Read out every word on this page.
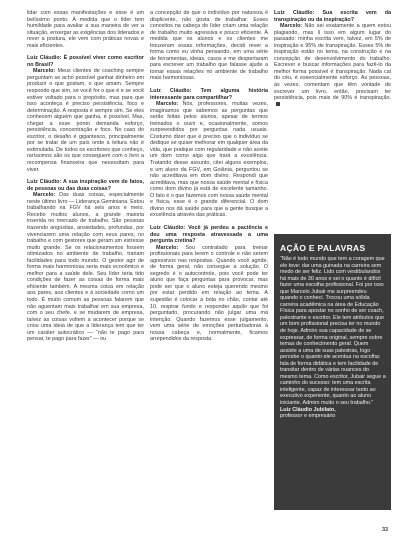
lidar com essas manifestações e esse é um belíssimo ponto. À medida que o líder tem humildade para avaliar a sua maneira de ver a situação, enxergar as exigências dos liderados e rever a postura, ele vem com práticas novas e mais eficientes.

Luiz Cláudio: É possível viver como escritor no Brasil?

Marcelo: Meus clientes de coaching sempre perguntam se acho possível ganhar dinheiro em produzir o que gostam, o que amam. Sempre respondo que sim, se você for o que é e se você estiver voltado para o propósito, mas para que isso aconteça é preciso persistência, foco e determinação. A resposta é sempre sim. Se eles conhecem alguém que ganha, é possível. Mas, chegar a esse ponto demanda esforço, persistência, concentração e foco. No caso do escritor, o desafio é gigantesco, principalmente por se tratar de um país onde a leitura não é estimulada. De todos os escritores que conheço, raríssimos são os que conseguem com o livro a recompensa financeira que necessitam para viver.

Luiz Cláudio: A sua inspiração vem de fatos, de pessoas ou das duas coisas?

Marcelo: Das duas coisas, especialmente neste último livro — Liderança Geminiana. Estou trabalhando na FGV há seis anos e meio. Recebo muitos alunos, a grande maioria inserida no mercado de trabalho. São pessoas trazendo angústias, ansiedades, profundas, por vivenciarem uma relação com seus pares, no trabalho e com gestores que geram um estresse muito grande. Se os relacionamentos fossem otimizados no ambiente de trabalho, trariam facilidades para todo mundo. O gestor agir de forma mais harmoniosa seria mais econômico e melhor para a saúde dele. Seu líder teria tido condições de fazer as coisas de forma mais eficiente também. A mesma coisa em relação aos pares, aos clientes e à sociedade como um todo. É muito comum as pessoas falarem que não aguentam mais trabalhar em sua empresa, com o seu chefe, e se mudarem de empresa, talvez as coisas voltem a acontecer porque se criou uma ideia de que a liderança tem que ter um caráter autocrático — “não te pago para pensar, te pago para fazer” — ou

a concepção de que o indivíduo por natureza é displicente, não gosta de trabalhar. Esses conceitos na cabeça do líder criam uma relação de trabalho muito agressiva e pouco eficiente. À medida que os alunos e os clientes me trouxeram essas informações, decidi rever a forma como eu vinha pensando, em uma série de ferramentas, ideias, casos e me despertaram para escrever um trabalho que falasse ajude a tornar essas relações no ambiente de trabalho mais harmoniosas.

Luiz Cláudio: Tem alguma história interessante para compartilhar?

Marcelo: Nós, professores, muitas vezes, imaginamos que sabemos as perguntas que serão feitas pelos alunos, apesar de termos treinados o ouvir e, ocasionalmente, somos surpreendidos por perguntas nada usuais. Costumo dizer que é preciso que o indivíduo se dedique se quiser melhorar em qualquer área da vida, que pratique com regularidade e não aceite um dom como algo que trará a excelência. Tratando desse assunto, citei alguns exemplos, e um aluno da FGV, em Goiânia, perguntou se não acreditava em dom divino. Respondi que acreditava, mas que nossa saúde mental e física como dom divino já está de excelente tamanho. O fato é o que fazemos com nossa saúde mental e física, esse é o grande diferencial. O dom divino nos dá saúde para que a gente busque a excelência através das práticas.

Luiz Cláudio: Você já perdeu a paciência e deu uma resposta atravessada a uma pergunta cretina?

Marcelo: Sou contratado para treinar profissionais para terem o controle e não serem agressivos nas respostas. Quando você agride, de forma geral, não consegue a solução. O segredo é o autocontrole, pois você pode ter aluno que faça perguntas para provocar, mas pode ser que o aluno esteja querendo mesmo por estar perdido em relação ao tema. A sugestão é colocar a bola no chão, contar até 10, respirar fundo e responder aquilo que foi perguntado, procurando não julgar uma má intenção. Quando fazemos esse julgamento, vem uma série de emoções perturbadoras à nossa cabeça e, normalmente, ficamos arrependidos da resposta.

Luiz Cláudio: Sua escrita vem da transpiração ou da inspiração?

Marcelo: Não sei exatamente a quem estou plagiando, mas li isso em algum lugar do passado: minha escrita vem, talvez, em 5% de inspiração e 95% de transpiração. Esses 5% de inspiração estão no tema, na construção e na concepção de desenvolvimento do trabalho. Escrever e buscar informações para fazê-lo da melhor forma possível é transpiração. Nada cai do céu, é essencialmente esforço. As pessoas, às vezes, comentam que têm vontade de escrever um livro, então, precisam ter persistência, pois mais de 90% é transpiração.

AÇÃO E PALAVRAS
“Não é todo mundo que tem a coragem que ele teve: dar uma guinada na carreira sem medo de ser feliz. Lido com vestibulandos há mais de 30 anos e sei o quanto é difícil fazer uma escolha profissional. Foi por isso que Marcelo Jubair me surpreendeu quando o conheci. Trocou uma sólida carreira acadêmica na área de Educação Física para apostar no sonho de ser coach, palestrante e escritor. Ele tem atributos que um bom profissional precisa ter no mundo de hoje. Admiro sua capacidade de se expressar, de forma original, sempre sobre temas de conhecimento geral. Quem assiste a uma de suas palestras, logo percebe o quanto ele acentua na escolha: fala de forma didática e tem facilidade de transitar dentro de várias nuances do mesmo tema. Como escritor, Jubair segue a caminho do sucesso: tem uma escrita inteligente, capaz de interessar tanto ao executivo experiente, quanto ao aluno iniciante. Admiro muito o seu trabalho.”
Luiz Cláudio Jubilato,
professor e empresário
33
